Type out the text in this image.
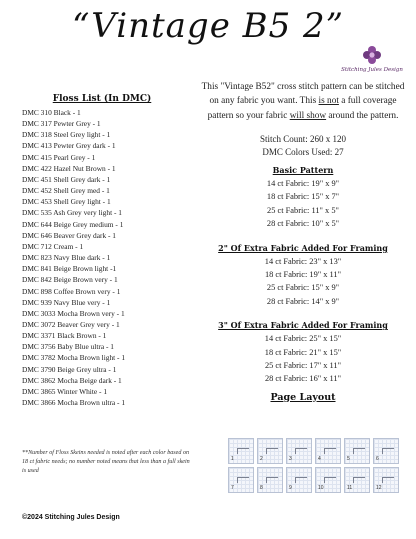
“Vintage B5 2”
Stitching Jules Design
Floss List (In DMC)
DMC 310 Black - 1
DMC 317 Pewter Grey - 1
DMC 318 Steel Grey light - 1
DMC 413 Pewter Grey dark - 1
DMC 415 Pearl Grey - 1
DMC 422 Hazel Nut Brown - 1
DMC 451 Shell Grey dark - 1
DMC 452 Shell Grey med - 1
DMC 453 Shell Grey light - 1
DMC 535 Ash Grey very light - 1
DMC 644 Beige Grey medium - 1
DMC 646 Beaver Grey dark - 1
DMC 712 Cream - 1
DMC 823 Navy Blue dark - 1
DMC 841 Beige Brown light -1
DMC 842 Beige Brown very - 1
DMC 898 Coffee Brown very - 1
DMC 939 Navy Blue very - 1
DMC 3033 Mocha Brown very - 1
DMC 3072 Beaver Grey very - 1
DMC 3371 Black Brown - 1
DMC 3756 Baby Blue ultra - 1
DMC 3782 Mocha Brown light - 1
DMC 3790 Beige Grey ultra - 1
DMC 3862 Mocha Beige dark - 1
DMC 3865 Winter White - 1
DMC 3866 Mocha Brown ultra - 1
**Number of Floss Skeins needed is noted after each color based on 18 ct fabric needs; no number noted means that less than a full skein is used
©2024 Stitching Jules Design

This "Vintage B52" cross stitch pattern can be stitched on any fabric you want. This is not a full coverage pattern so your fabric will show around the pattern.

Stitch Count: 260 x 120
DMC Colors Used: 27
Basic Pattern
14 ct Fabric: 19" x 9"
18 ct Fabric: 15" x 7"
25 ct Fabric: 11" x 5"
28 ct Fabric: 10" x 5"
2" Of Extra Fabric Added For Framing
14 ct Fabric: 23" x 13"
18 ct Fabric: 19" x 11"
25 ct Fabric: 15" x 9"
28 ct Fabric: 14" x 9"
3" Of Extra Fabric Added For Framing
14 ct Fabric: 25" x 15"
18 ct Fabric: 21" x 15"
25 ct Fabric: 17" x 11"
28 ct Fabric: 16" x 11"
Page Layout
1	2	3	4	5	6
7	8	9	10	11	12
